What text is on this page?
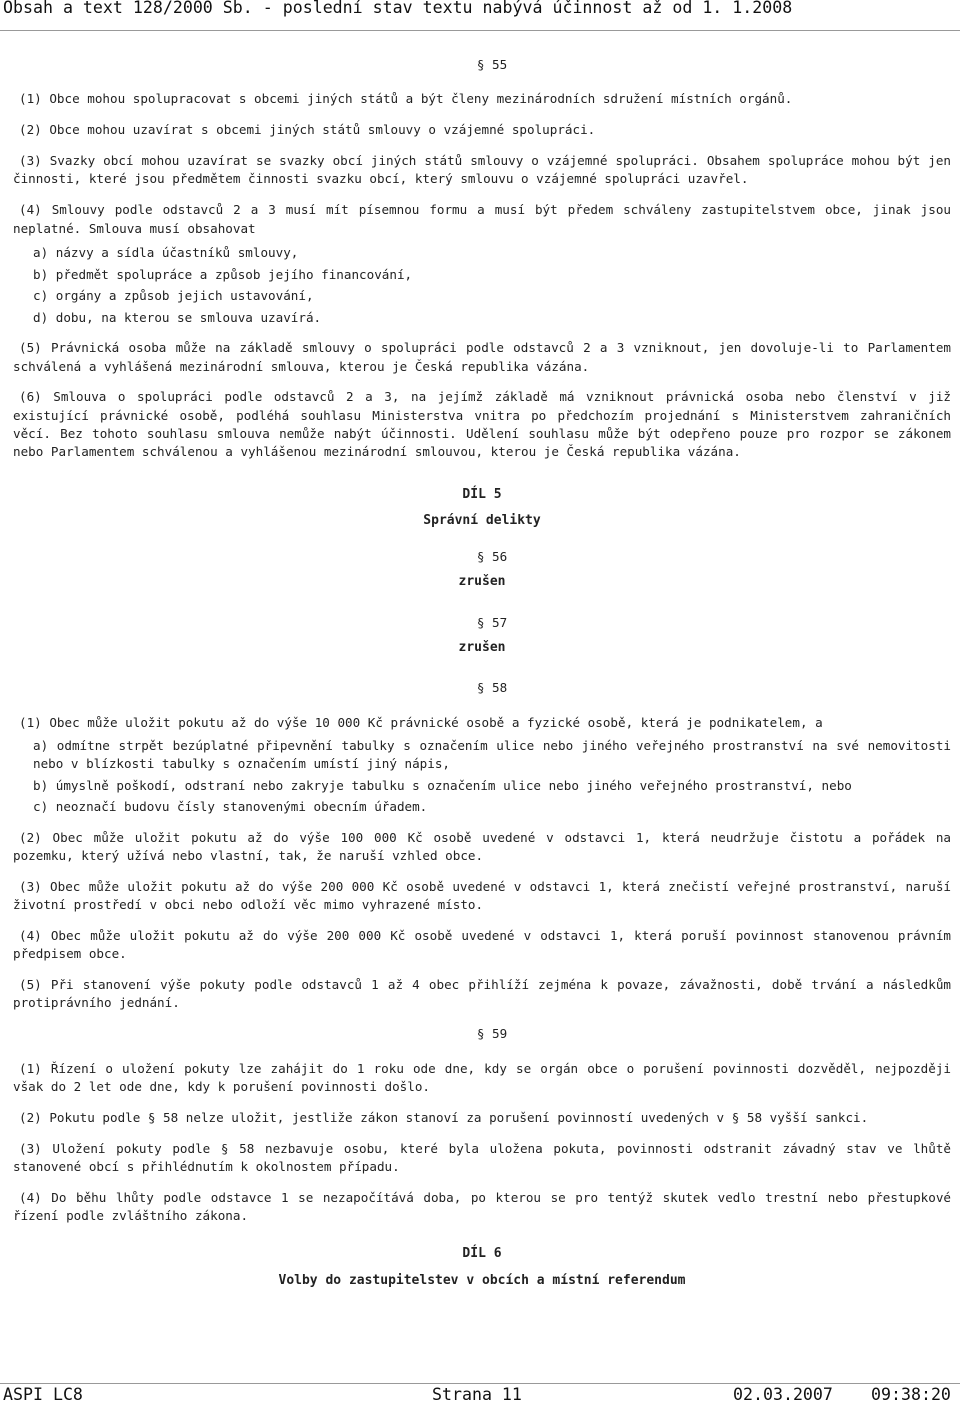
Obsah a text 128/2000 Sb. - poslední stav textu nabývá účinnost až od 1. 1.2008
§ 55

(1) Obce mohou spolupracovat s obcemi jiných států a být členy mezinárodních sdružení místních orgánů.

(2) Obce mohou uzavírat s obcemi jiných států smlouvy o vzájemné spolupráci.

(3) Svazky obcí mohou uzavírat se svazky obcí jiných států smlouvy o vzájemné spolupráci. Obsahem spolupráce mohou být jen činnosti, které jsou předmětem činnosti svazku obcí, který smlouvu o vzájemné spolupráci uzavřel.

(4) Smlouvy podle odstavců 2 a 3 musí mít písemnou formu a musí být předem schváleny zastupitelstvem obce, jinak jsou neplatné. Smlouva musí obsahovat

a) názvy a sídla účastníků smlouvy,
b) předmět spolupráce a způsob jejího financování,
c) orgány a způsob jejich ustavování,
d) dobu, na kterou se smlouva uzavírá.

(5) Právnická osoba může na základě smlouvy o spolupráci podle odstavců 2 a 3 vzniknout, jen dovoluje-li to Parlamentem schválená a vyhlášená mezinárodní smlouva, kterou je Česká republika vázána.

(6) Smlouva o spolupráci podle odstavců 2 a 3, na jejímž základě má vzniknout právnická osoba nebo členství v již existující právnické osobě, podléhá souhlasu Ministerstva vnitra po předchozím projednání s Ministerstvem zahraničních věcí. Bez tohoto souhlasu smlouva nemůže nabýt účinnosti. Udělení souhlasu může být odepřeno pouze pro rozpor se zákonem nebo Parlamentem schválenou a vyhlášenou mezinárodní smlouvou, kterou je Česká republika vázána.

DÍL 5
Správní delikty
§ 56
zrušen
§ 57
zrušen
§ 58

(1) Obec může uložit pokutu až do výše 10 000 Kč právnické osobě a fyzické osobě, která je podnikatelem, a

a) odmítne strpět bezúplatné připevnění tabulky s označením ulice nebo jiného veřejného prostranství na své nemovitosti nebo v blízkosti tabulky s označením umístí jiný nápis,
b) úmyslně poškodí, odstraní nebo zakryje tabulku s označením ulice nebo jiného veřejného prostranství, nebo
c) neoznačí budovu čísly stanovenými obecním úřadem.

(2) Obec může uložit pokutu až do výše 100 000 Kč osobě uvedené v odstavci 1, která neudržuje čistotu a pořádek na pozemku, který užívá nebo vlastní, tak, že naruší vzhled obce.

(3) Obec může uložit pokutu až do výše 200 000 Kč osobě uvedené v odstavci 1, která znečistí veřejné prostranství, naruší životní prostředí v obci nebo odloží věc mimo vyhrazené místo.

(4) Obec může uložit pokutu až do výše 200 000 Kč osobě uvedené v odstavci 1, která poruší povinnost stanovenou právním předpisem obce.

(5) Při stanovení výše pokuty podle odstavců 1 až 4 obec přihlíží zejména k povaze, závažnosti, době trvání a následkům protiprávního jednání.

§ 59

(1) Řízení o uložení pokuty lze zahájit do 1 roku ode dne, kdy se orgán obce o porušení povinnosti dozvěděl, nejpozději však do 2 let ode dne, kdy k porušení povinnosti došlo.

(2) Pokutu podle § 58 nelze uložit, jestliže zákon stanoví za porušení povinností uvedených v § 58 vyšší sankci.

(3) Uložení pokuty podle § 58 nezbavuje osobu, které byla uložena pokuta, povinnosti odstranit závadný stav ve lhůtě stanovené obcí s přihlédnutím k okolnostem případu.

(4) Do běhu lhůty podle odstavce 1 se nezapočítává doba, po kterou se pro tentýž skutek vedlo trestní nebo přestupkové řízení podle zvláštního zákona.

DÍL 6
Volby do zastupitelstev v obcích a místní referendum
ASPI LC8	Strana 11	02.03.2007 09:38:20
